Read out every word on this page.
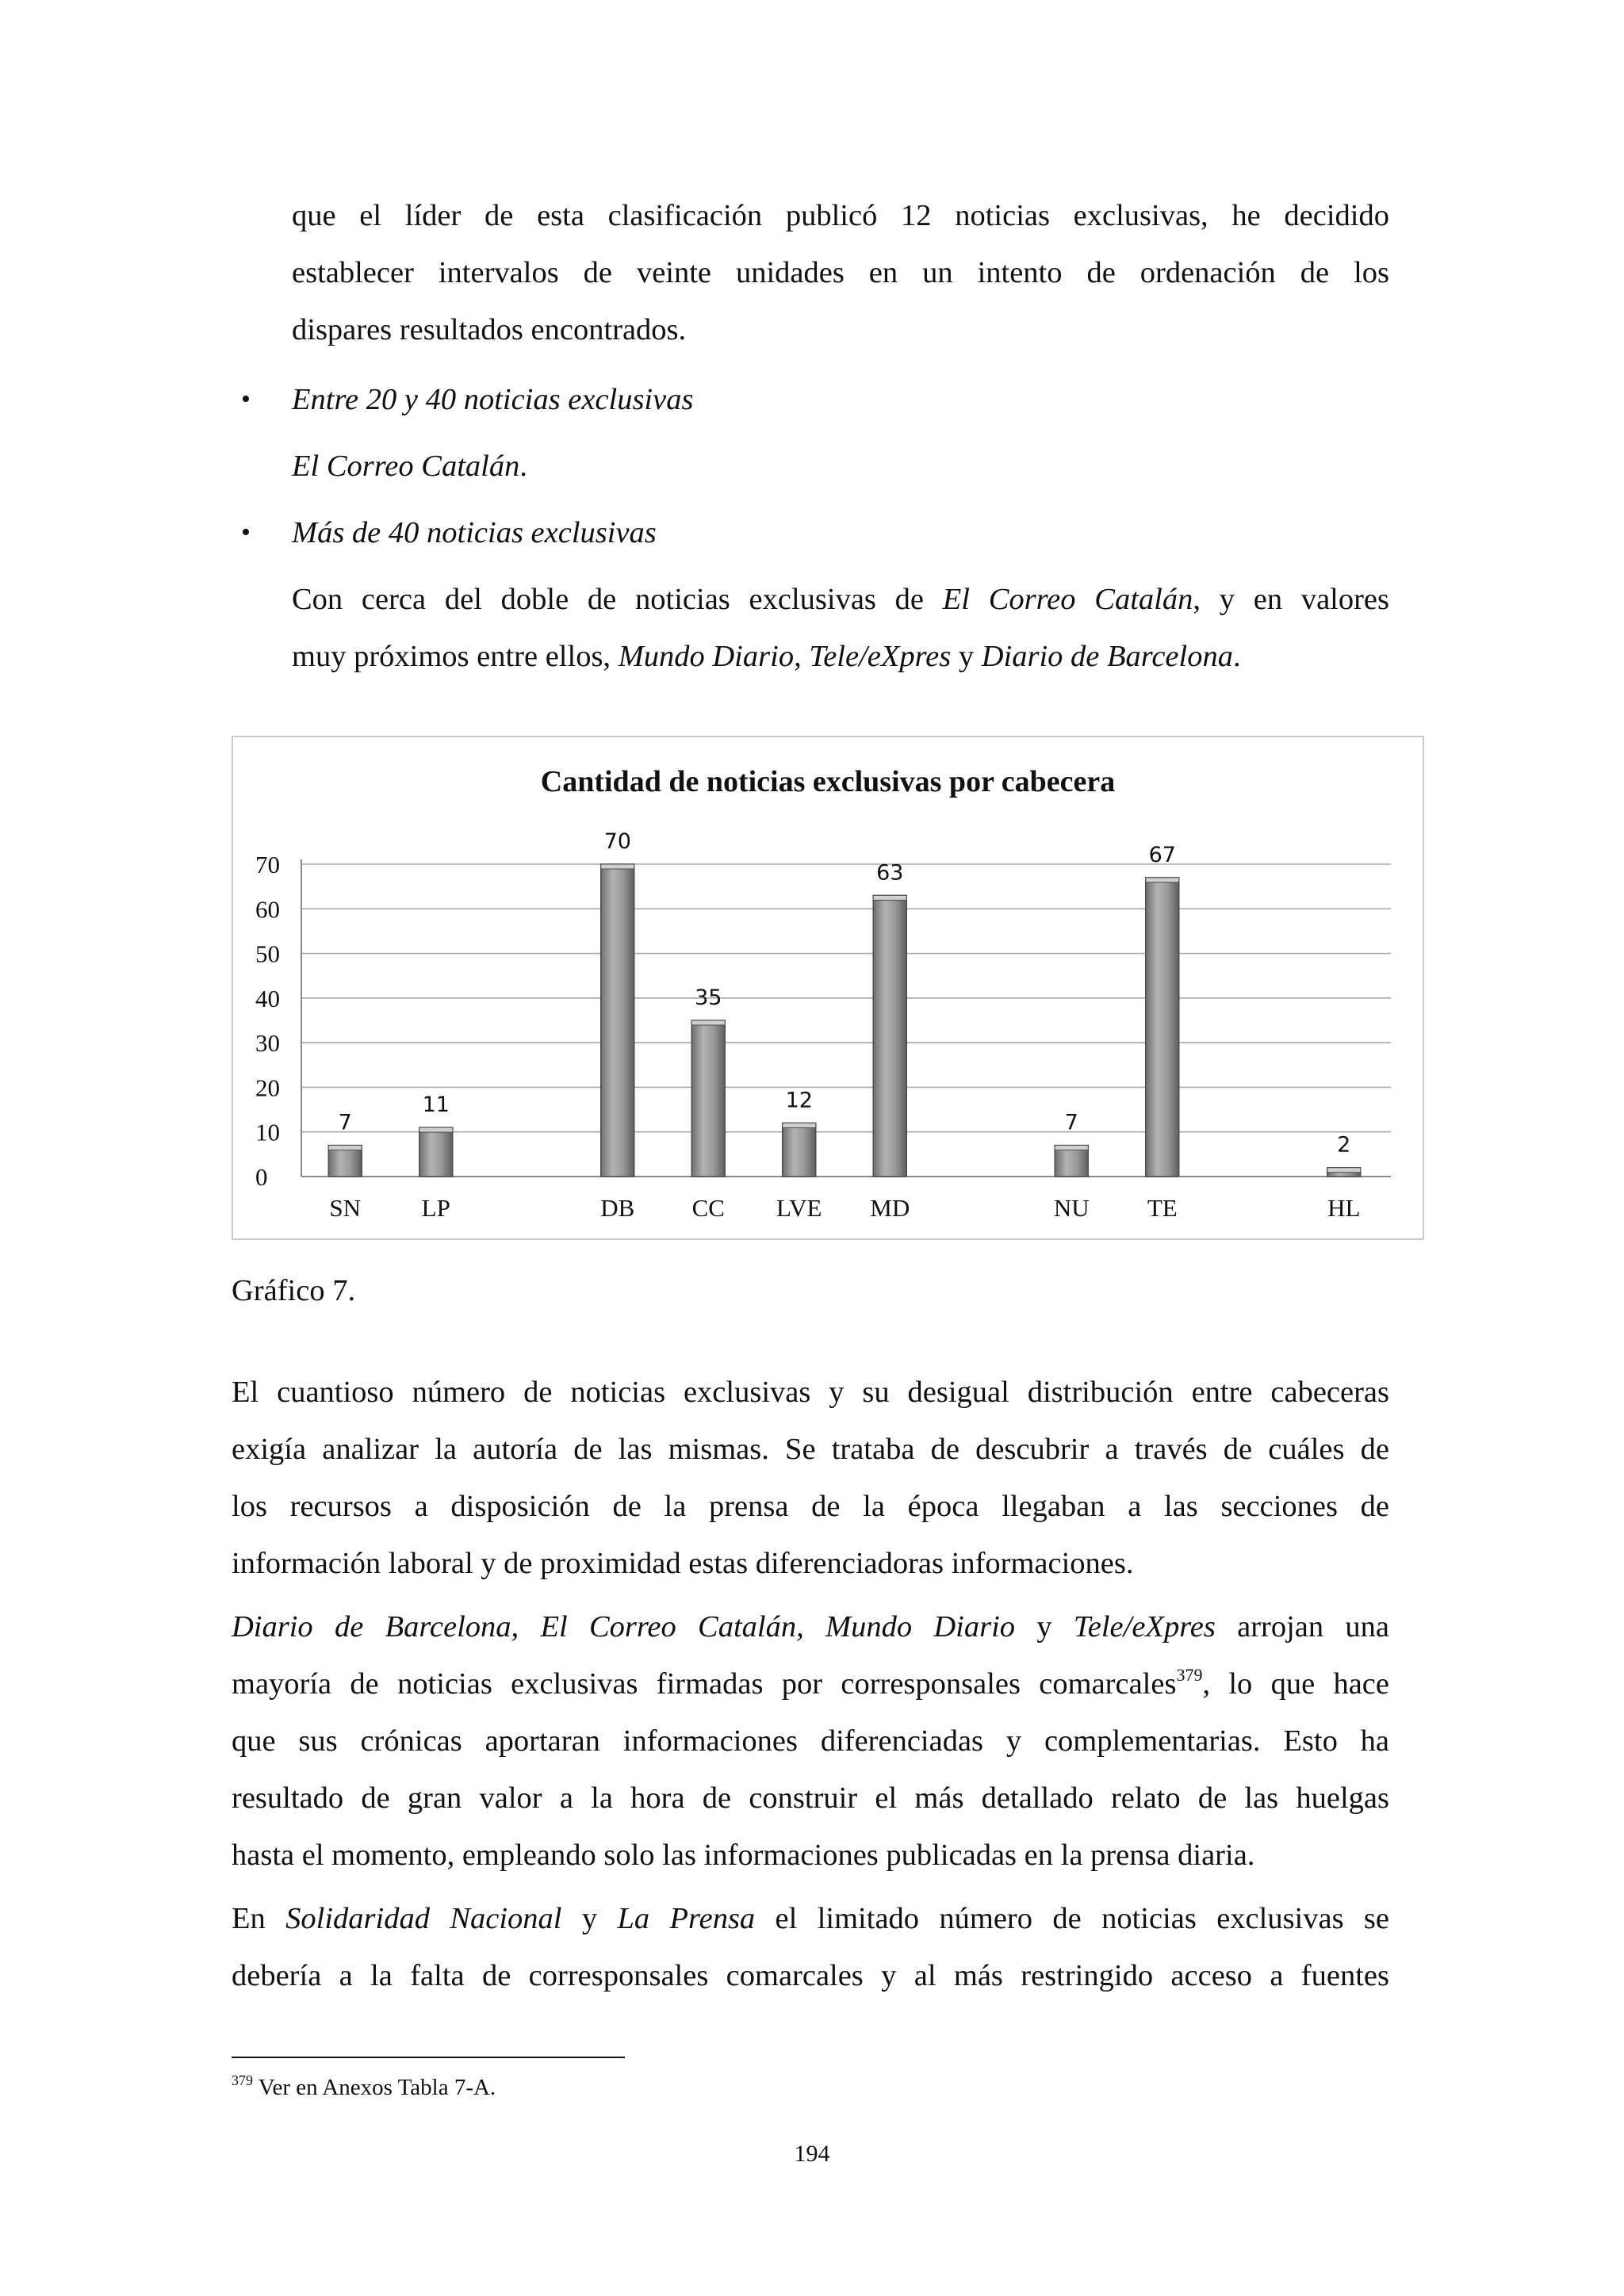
que el líder de esta clasificación publicó 12 noticias exclusivas, he decidido
establecer intervalos de veinte unidades en un intento de ordenación de los
dispares resultados encontrados.
• Entre 20 y 40 noticias exclusivas
El Correo Catalán.
• Más de 40 noticias exclusivas
Con cerca del doble de noticias exclusivas de El Correo Catalán, y en valores
muy próximos entre ellos, Mundo Diario, Tele/eXpres y Diario de Barcelona.
Cantidad de noticias exclusivas por cabecera
0
10
20
30
40
50
60
70
7
SN
11
LP
70
DB
35
CC
12
LVE
63
MD
7
NU
67
TE
2
HL
Gráfico 7.
El cuantioso número de noticias exclusivas y su desigual distribución entre cabeceras
exigía analizar la autoría de las mismas. Se trataba de descubrir a través de cuáles de
los recursos a disposición de la prensa de la época llegaban a las secciones de
información laboral y de proximidad estas diferenciadoras informaciones.
Diario de Barcelona, El Correo Catalán, Mundo Diario y Tele/eXpres arrojan una
mayoría de noticias exclusivas firmadas por corresponsales comarcales$^{379}$, lo que hace
que sus crónicas aportaran informaciones diferenciadas y complementarias. Esto ha
resultado de gran valor a la hora de construir el más detallado relato de las huelgas
hasta el momento, empleando solo las informaciones publicadas en la prensa diaria.
En Solidaridad Nacional y La Prensa el limitado número de noticias exclusivas se
debería a la falta de corresponsales comarcales y al más restringido acceso a fuentes
$^{379}$ Ver en Anexos Tabla 7-A.
194
